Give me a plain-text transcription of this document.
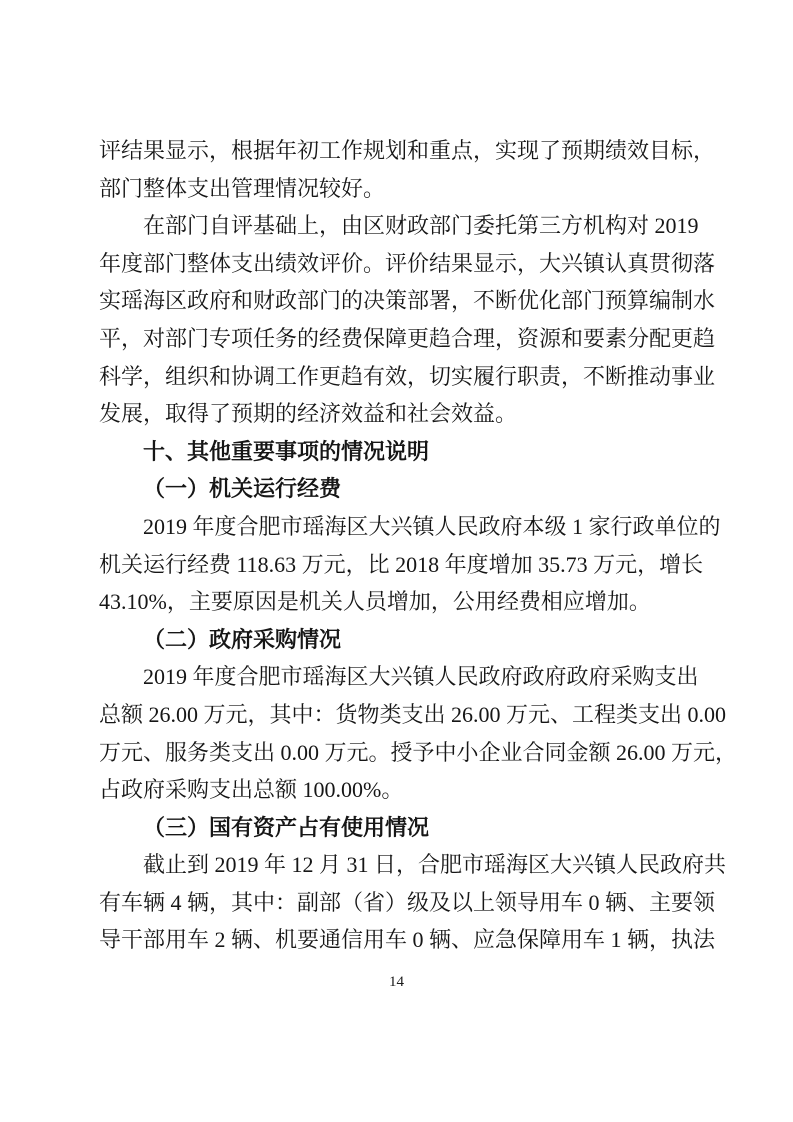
评结果显示，根据年初工作规划和重点，实现了预期绩效目标，
部门整体支出管理情况较好。
在部门自评基础上，由区财政部门委托第三方机构对 2019
年度部门整体支出绩效评价。评价结果显示，大兴镇认真贯彻落
实瑶海区政府和财政部门的决策部署，不断优化部门预算编制水
平，对部门专项任务的经费保障更趋合理，资源和要素分配更趋
科学，组织和协调工作更趋有效，切实履行职责，不断推动事业
发展，取得了预期的经济效益和社会效益。
十、其他重要事项的情况说明
（一）机关运行经费
2019 年度合肥市瑶海区大兴镇人民政府本级 1 家行政单位的
机关运行经费 118.63 万元，比 2018 年度增加 35.73 万元，增长
43.10%，主要原因是机关人员增加，公用经费相应增加。
（二）政府采购情况
2019 年度合肥市瑶海区大兴镇人民政府政府政府采购支出
总额 26.00 万元，其中：货物类支出 26.00 万元、工程类支出 0.00
万元、服务类支出 0.00 万元。授予中小企业合同金额 26.00 万元，
占政府采购支出总额 100.00%。
（三）国有资产占有使用情况
截止到 2019 年 12 月 31 日，合肥市瑶海区大兴镇人民政府共
有车辆 4 辆，其中：副部（省）级及以上领导用车 0 辆、主要领
导干部用车 2 辆、机要通信用车 0 辆、应急保障用车 1 辆，执法
14
